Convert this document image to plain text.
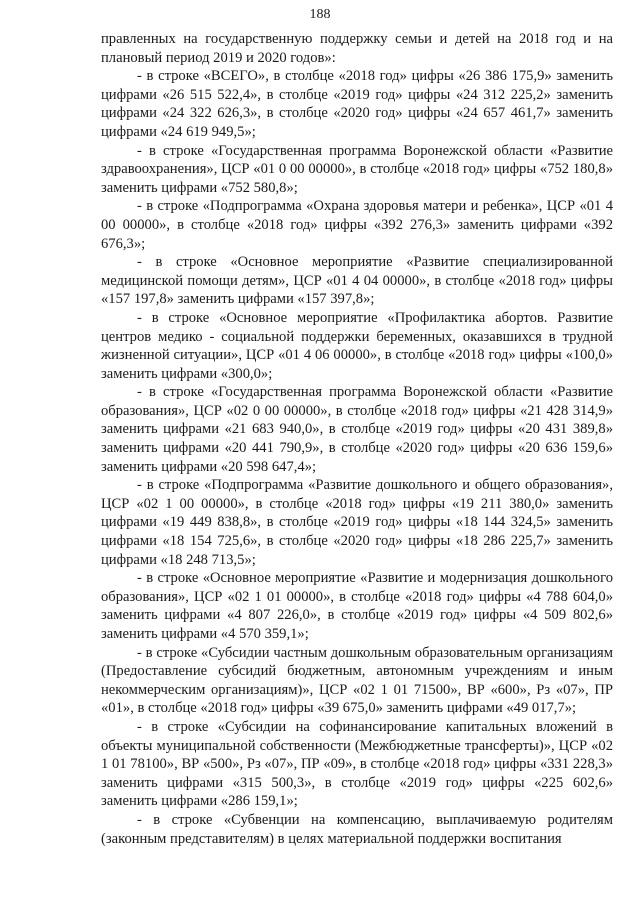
188

правленных на государственную поддержку семьи и детей на 2018 год и на плановый период 2019 и 2020 годов»:

- в строке «ВСЕГО», в столбце «2018 год» цифры «26 386 175,9» заменить цифрами «26 515 522,4», в столбце «2019 год» цифры «24 312 225,2» заменить цифрами «24 322 626,3», в столбце «2020 год» цифры «24 657 461,7» заменить цифрами «24 619 949,5»;

- в строке «Государственная программа Воронежской области «Развитие здравоохранения», ЦСР «01 0 00 00000», в столбце «2018 год» цифры «752 180,8» заменить цифрами «752 580,8»;

- в строке «Подпрограмма «Охрана здоровья матери и ребенка», ЦСР «01 4 00 00000», в столбце «2018 год» цифры «392 276,3» заменить цифрами «392 676,3»;

- в строке «Основное мероприятие «Развитие специализированной медицинской помощи детям», ЦСР «01 4 04 00000», в столбце «2018 год» цифры «157 197,8» заменить цифрами «157 397,8»;

- в строке «Основное мероприятие «Профилактика абортов. Развитие центров медико - социальной поддержки беременных, оказавшихся в трудной жизненной ситуации», ЦСР «01 4 06 00000», в столбце «2018 год» цифры «100,0» заменить цифрами «300,0»;

- в строке «Государственная программа Воронежской области «Развитие образования», ЦСР «02 0 00 00000», в столбце «2018 год» цифры «21 428 314,9» заменить цифрами «21 683 940,0», в столбце «2019 год» цифры «20 431 389,8» заменить цифрами «20 441 790,9», в столбце «2020 год» цифры «20 636 159,6» заменить цифрами «20 598 647,4»;

- в строке «Подпрограмма «Развитие дошкольного и общего образования», ЦСР «02 1 00 00000», в столбце «2018 год» цифры «19 211 380,0» заменить цифрами «19 449 838,8», в столбце «2019 год» цифры «18 144 324,5» заменить цифрами «18 154 725,6», в столбце «2020 год» цифры «18 286 225,7» заменить цифрами «18 248 713,5»;

- в строке «Основное мероприятие «Развитие и модернизация дошкольного образования», ЦСР «02 1 01 00000», в столбце «2018 год» цифры «4 788 604,0» заменить цифрами «4 807 226,0», в столбце «2019 год» цифры «4 509 802,6» заменить цифрами «4 570 359,1»;

- в строке «Субсидии частным дошкольным образовательным организациям (Предоставление субсидий бюджетным, автономным учреждениям и иным некоммерческим организациям)», ЦСР «02 1 01 71500», ВР «600», Рз «07», ПР «01», в столбце «2018 год» цифры «39 675,0» заменить цифрами «49 017,7»;

- в строке «Субсидии на софинансирование капитальных вложений в объекты муниципальной собственности (Межбюджетные трансферты)», ЦСР «02 1 01 78100», ВР «500», Рз «07», ПР «09», в столбце «2018 год» цифры «331 228,3» заменить цифрами «315 500,3», в столбце «2019 год» цифры «225 602,6» заменить цифрами «286 159,1»;

- в строке «Субвенции на компенсацию, выплачиваемую родителям (законным представителям) в целях материальной поддержки воспитания
